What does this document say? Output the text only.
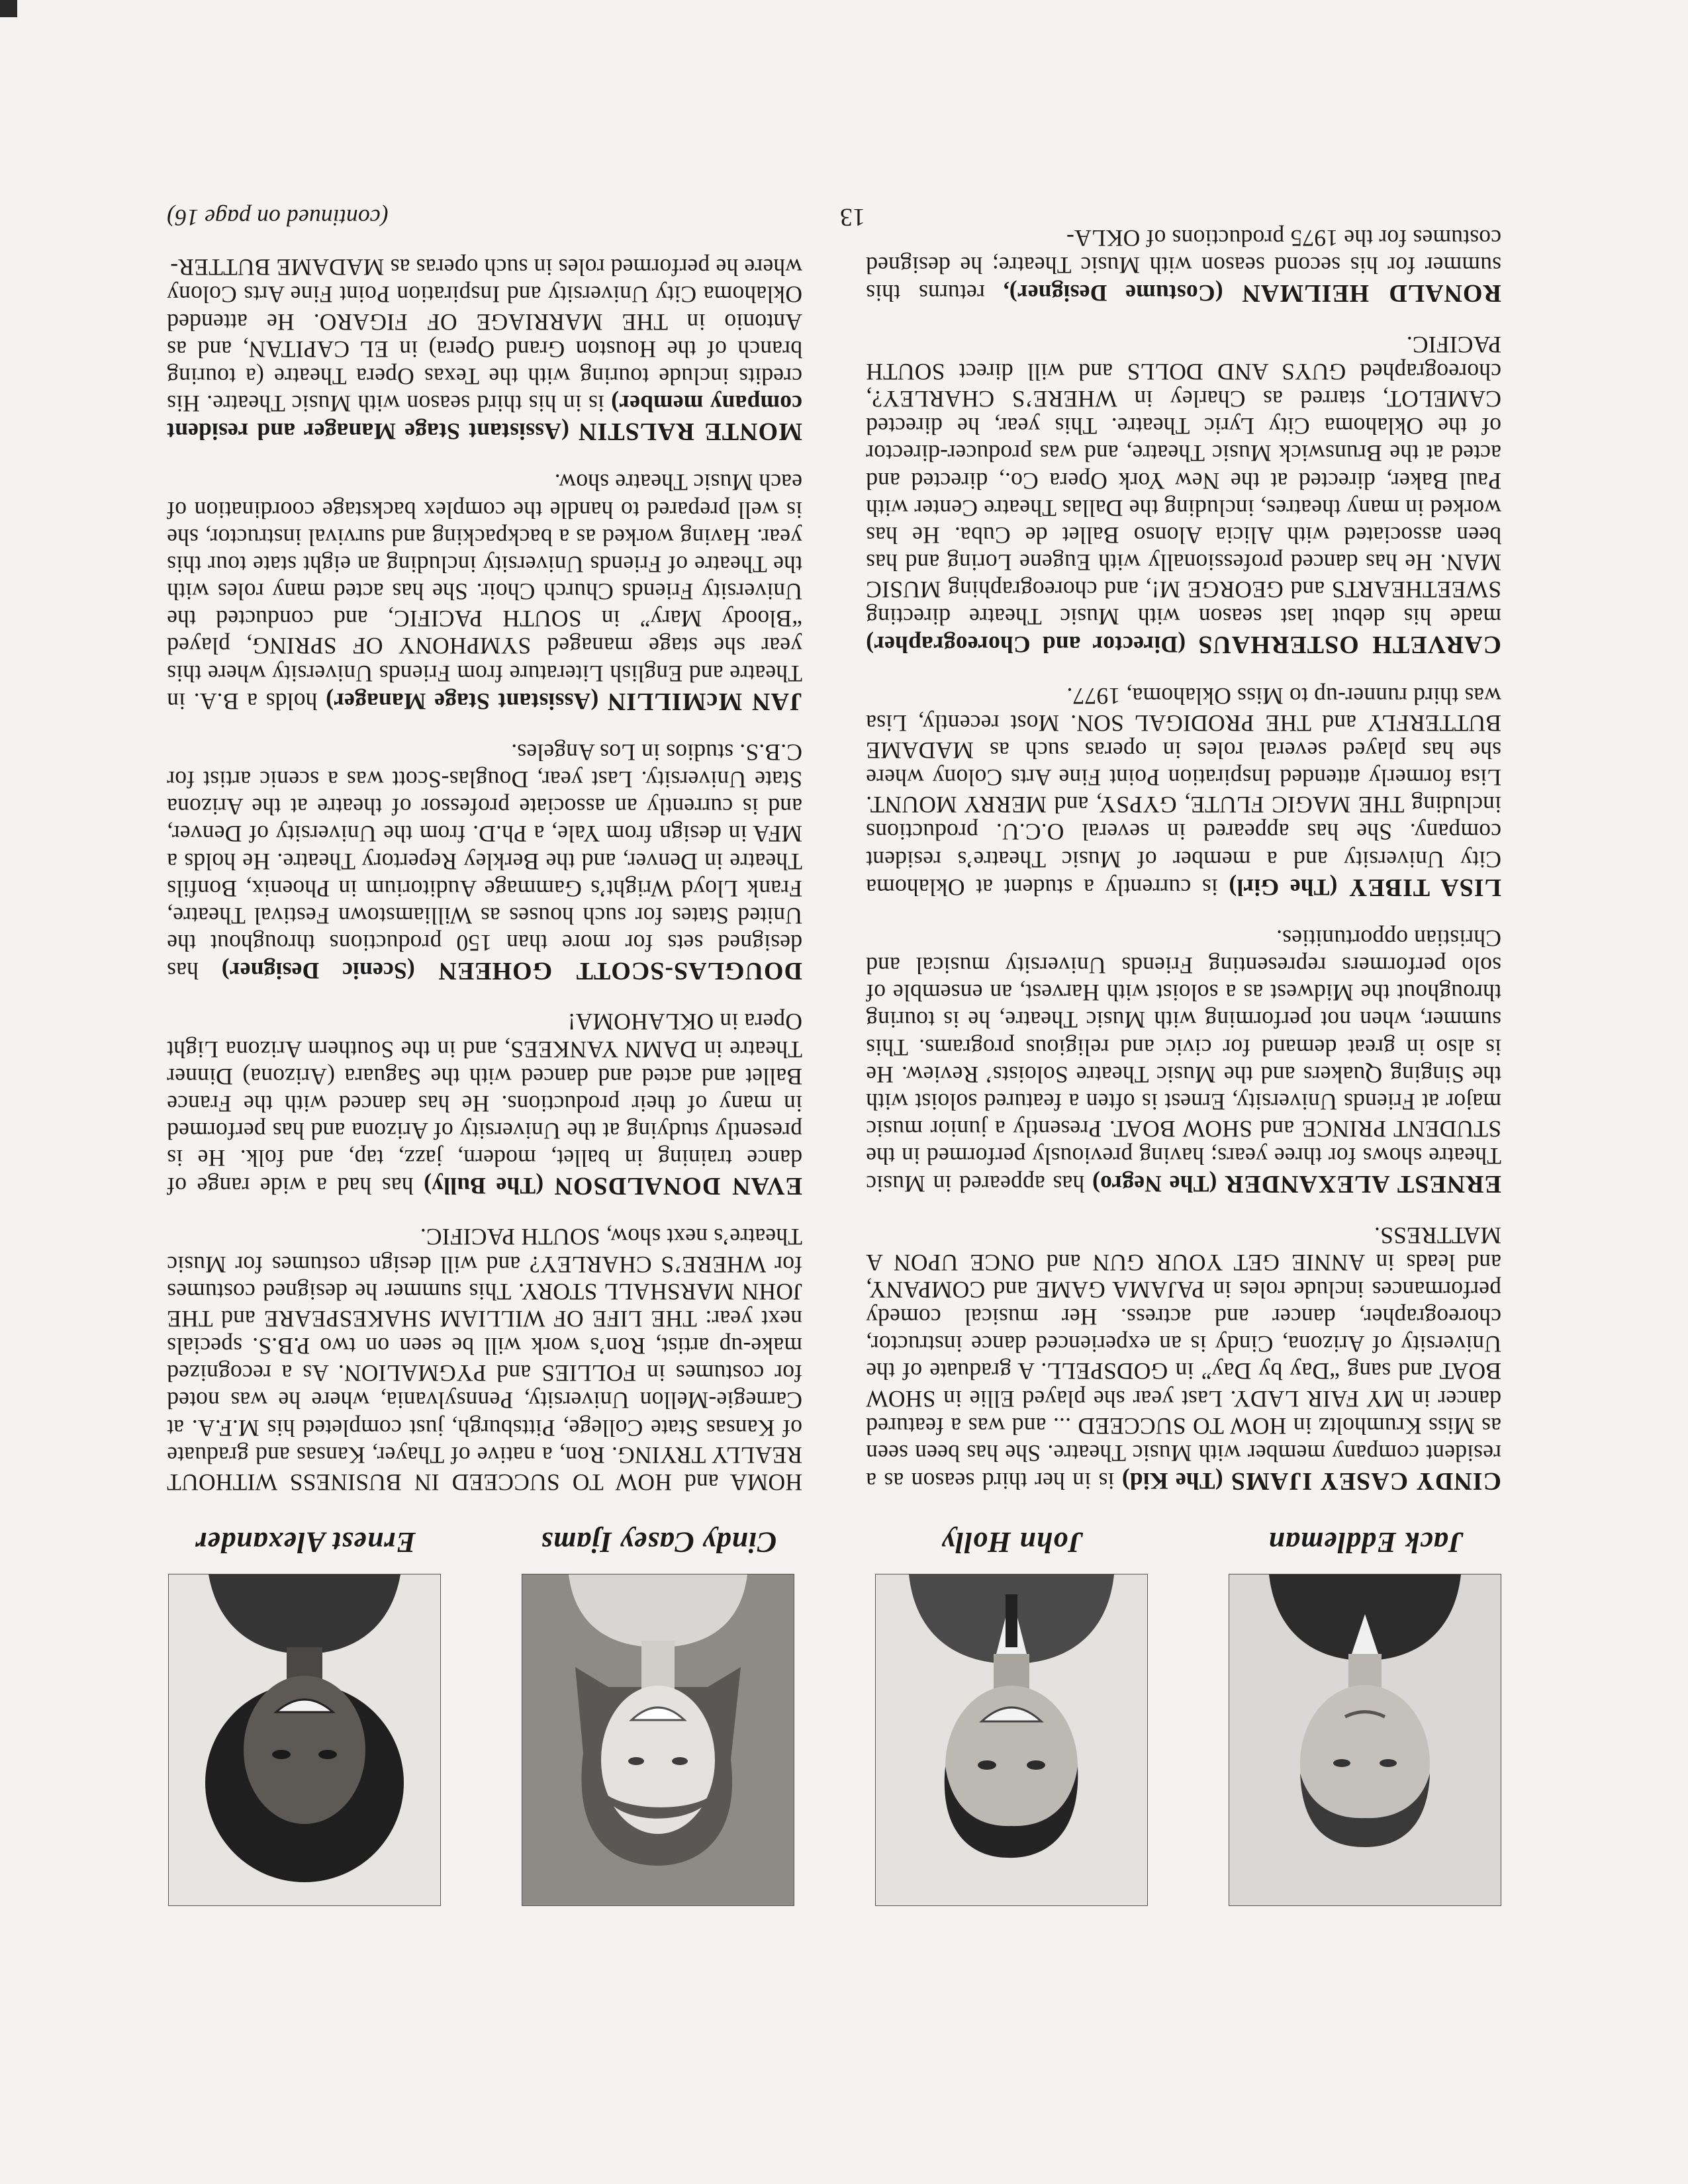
Jack Eddleman
John Holly
Cindy Casey Ijams
Ernest Alexander

CINDY CASEY IJAMS (The Kid) is in her third season as a resident company member with Music Theatre. She has been seen as Miss Krumholtz in HOW TO SUCCEED ... and was a featured dancer in MY FAIR LADY. Last year she played Ellie in SHOW BOAT and sang “Day by Day” in GODSPELL. A graduate of the University of Arizona, Cindy is an experienced dance instructor, choreographer, dancer and actress. Her musical comedy performances include roles in PAJAMA GAME and COMPANY, and leads in ANNIE GET YOUR GUN and ONCE UPON A MATTRESS.

ERNEST ALEXANDER (The Negro) has appeared in Music Theatre shows for three years; having previously performed in the STUDENT PRINCE and SHOW BOAT. Presently a junior music major at Friends University, Ernest is often a featured soloist with the Singing Quakers and the Music Theatre Soloists’ Review. He is also in great demand for civic and religious programs. This summer, when not performing with Music Theatre, he is touring throughout the Midwest as a soloist with Harvest, an ensemble of solo performers representing Friends University musical and Christian opportunities.

LISA TIBEY (The Girl) is currently a student at Oklahoma City University and a member of Music Theatre’s resident company. She has appeared in several O.C.U. productions including THE MAGIC FLUTE, GYPSY, and MERRY MOUNT. Lisa formerly attended Inspiration Point Fine Arts Colony where she has played several roles in operas such as MADAME BUTTERFLY and THE PRODIGAL SON. Most recently, Lisa was third runner-up to Miss Oklahoma, 1977.

CARVETH OSTERHAUS (Director and Choreographer) made his debut last season with Music Theatre directing SWEETHEARTS and GEORGE M!, and choreographing MUSIC MAN. He has danced professionally with Eugene Loring and has been associated with Alicia Alonso Ballet de Cuba. He has worked in many theatres, including the Dallas Theatre Center with Paul Baker, directed at the New York Opera Co., directed and acted at the Brunswick Music Theatre, and was producer-director of the Oklahoma City Lyric Theatre. This year, he directed CAMELOT, starred as Charley in WHERE’S CHARLEY?, choreographed GUYS AND DOLLS and will direct SOUTH PACIFIC.

RONALD HEILMAN (Costume Designer), returns this summer for his second season with Music Theatre; he designed costumes for the 1975 productions of OKLA-

HOMA and HOW TO SUCCEED IN BUSINESS WITHOUT REALLY TRYING. Ron, a native of Thayer, Kansas and graduate of Kansas State College, Pittsburgh, just completed his M.F.A. at Carnegie-Mellon University, Pennsylvania, where he was noted for costumes in FOLLIES and PYGMALION. As a recognized make-up artist, Ron’s work will be seen on two P.B.S. specials next year: THE LIFE OF WILLIAM SHAKESPEARE and THE JOHN MARSHALL STORY. This summer he designed costumes for WHERE’S CHARLEY? and will design costumes for Music Theatre’s next show, SOUTH PACIFIC.

EVAN DONALDSON (The Bully) has had a wide range of dance training in ballet, modern, jazz, tap, and folk. He is presently studying at the University of Arizona and has performed in many of their productions. He has danced with the France Ballet and acted and danced with the Saguara (Arizona) Dinner Theatre in DAMN YANKEES, and in the Southern Arizona Light Opera in OKLAHOMA!

DOUGLAS-SCOTT GOHEEN (Scenic Designer) has designed sets for more than 150 productions throughout the United States for such houses as Williamstown Festival Theatre, Frank Lloyd Wright’s Gammage Auditorium in Phoenix, Bonfils Theatre in Denver, and the Berkley Repertory Theatre. He holds a MFA in design from Yale, a Ph.D. from the University of Denver, and is currently an associate professor of theatre at the Arizona State University. Last year, Douglas-Scott was a scenic artist for C.B.S. studios in Los Angeles.

JAN McMILLIN (Assistant Stage Manager) holds a B.A. in Theatre and English Literature from Friends University where this year she stage managed SYMPHONY OF SPRING, played “Bloody Mary” in SOUTH PACIFIC, and conducted the University Friends Church Choir. She has acted many roles with the Theatre of Friends University including an eight state tour this year. Having worked as a backpacking and survival instructor, she is well prepared to handle the complex backstage coordination of each Music Theatre show.

MONTE RALSTIN (Assistant Stage Manager and resident company member) is in his third season with Music Theatre. His credits include touring with the Texas Opera Theatre (a touring branch of the Houston Grand Opera) in EL CAPITAN, and as Antonio in THE MARRIAGE OF FIGARO. He attended Oklahoma City University and Inspiration Point Fine Arts Colony where he performed roles in such operas as MADAME BUTTER-

(continued on page 16)	13
